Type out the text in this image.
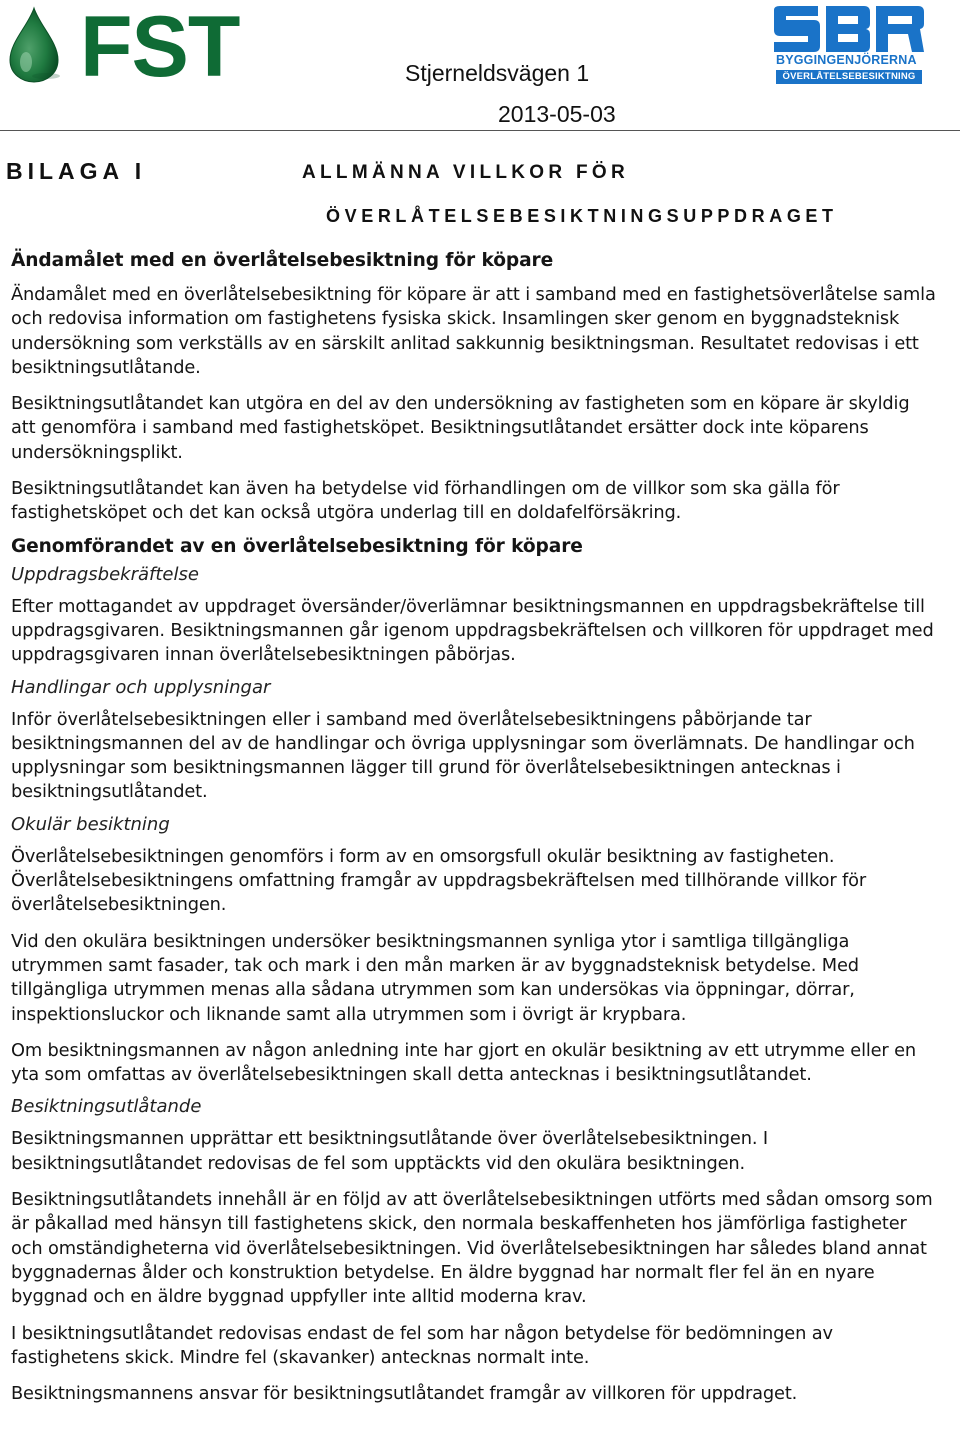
FST	Stjerneldsvägen 1
2013-05-03
BYGGINGENJÖRERNA
ÖVERLÅTELSEBESIKTNING
BILAGA I	ALLMÄNNA VILLKOR FÖR
ÖVERLÅTELSEBESIKTNINGSUPPDRAGET
Ändamålet med en överlåtelsebesiktning för köpare

Ändamålet med en överlåtelsebesiktning för köpare är att i samband med en fastighetsöverlåtelse samla och redovisa information om fastighetens fysiska skick. Insamlingen sker genom en byggnadsteknisk undersökning som verkställs av en särskilt anlitad sakkunnig besiktningsman. Resultatet redovisas i ett besiktningsutlåtande.

Besiktningsutlåtandet kan utgöra en del av den undersökning av fastigheten som en köpare är skyldig att genomföra i samband med fastighetsköpet. Besiktningsutlåtandet ersätter dock inte köparens undersökningsplikt.

Besiktningsutlåtandet kan även ha betydelse vid förhandlingen om de villkor som ska gälla för fastighetsköpet och det kan också utgöra underlag till en doldafelförsäkring.

Genomförandet av en överlåtelsebesiktning för köpare
Uppdragsbekräftelse

Efter mottagandet av uppdraget översänder/överlämnar besiktningsmannen en uppdragsbekräftelse till uppdragsgivaren. Besiktningsmannen går igenom uppdragsbekräftelsen och villkoren för uppdraget med uppdragsgivaren innan överlåtelsebesiktningen påbörjas.

Handlingar och upplysningar

Inför överlåtelsebesiktningen eller i samband med överlåtelsebesiktningens påbörjande tar besiktningsmannen del av de handlingar och övriga upplysningar som överlämnats. De handlingar och upplysningar som besiktningsmannen lägger till grund för överlåtelsebesiktningen antecknas i besiktningsutlåtandet.

Okulär besiktning

Överlåtelsebesiktningen genomförs i form av en omsorgsfull okulär besiktning av fastigheten. Överlåtelsebesiktningens omfattning framgår av uppdragsbekräftelsen med tillhörande villkor för överlåtelsebesiktningen.

Vid den okulära besiktningen undersöker besiktningsmannen synliga ytor i samtliga tillgängliga utrymmen samt fasader, tak och mark i den mån marken är av byggnadsteknisk betydelse. Med tillgängliga utrymmen menas alla sådana utrymmen som kan undersökas via öppningar, dörrar, inspektionsluckor och liknande samt alla utrymmen som i övrigt är krypbara.

Om besiktningsmannen av någon anledning inte har gjort en okulär besiktning av ett utrymme eller en yta som omfattas av överlåtelsebesiktningen skall detta antecknas i besiktningsutlåtandet.

Besiktningsutlåtande

Besiktningsmannen upprättar ett besiktningsutlåtande över överlåtelsebesiktningen. I besiktningsutlåtandet redovisas de fel som upptäckts vid den okulära besiktningen.

Besiktningsutlåtandets innehåll är en följd av att överlåtelsebesiktningen utförts med sådan omsorg som är påkallad med hänsyn till fastighetens skick, den normala beskaffenheten hos jämförliga fastigheter och omständigheterna vid överlåtelsebesiktningen. Vid överlåtelsebesiktningen har således bland annat byggnadernas ålder och konstruktion betydelse. En äldre byggnad har normalt fler fel än en nyare byggnad och en äldre byggnad uppfyller inte alltid moderna krav.

I besiktningsutlåtandet redovisas endast de fel som har någon betydelse för bedömningen av fastighetens skick. Mindre fel (skavanker) antecknas normalt inte.

Besiktningsmannens ansvar för besiktningsutlåtandet framgår av villkoren för uppdraget.
